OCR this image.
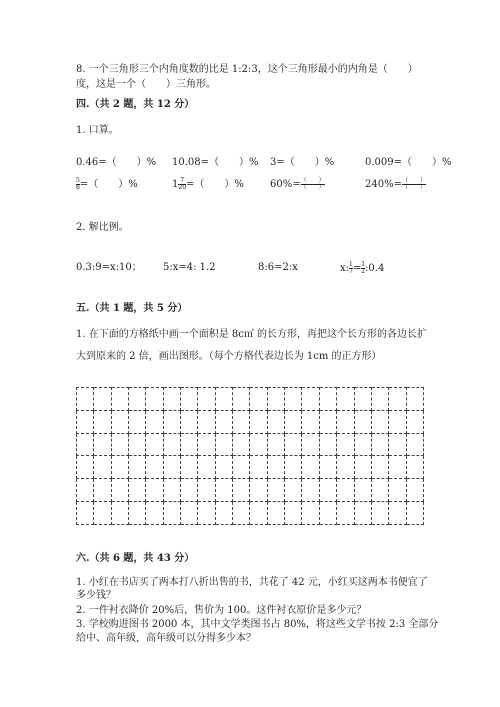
8. 一个三角形三个内角度数的比是 1:2:3，这个三角形最小的内角是（　　）
度，这是一个（　　）三角形。
四.（共 2 题，共 12 分）
1. 口算。
0.46=（　　）% 10.08=（　　）% 3=（　　）%	0.009=（　　）%
$\frac{5}{8}$ =（　　）%	$1 \frac{7}{20}$ =（　　）%	$60\%= \frac{( )}{( )}$	$240\%= \frac{( )}{( )}$
2. 解比例。
0.3:9=x:10； 5:x=4: 1.2	8:6=2:x	x: $\frac{1}{7} = \frac{1}{2}$ :0.4
五.（共 1 题，共 5 分）
1. 在下面的方格纸中画一个面积是 8c㎡ 的长方形，再把这个长方形的各边长扩
大到原来的 2 倍，画出图形。（每个方格代表边长为 1cm 的正方形）

六.（共 6 题，共 43 分）
1. 小红在书店买了两本打八折出售的书，共花了 42 元，小红买这两本书便宜了
多少钱？
2. 一件衬衣降价 20%后，售价为 100。这件衬衣原价是多少元？
3. 学校购进图书 2000 本，其中文学类图书占 80%，将这些文学书按 2:3 全部分
给中、高年级，高年级可以分得多少本？
